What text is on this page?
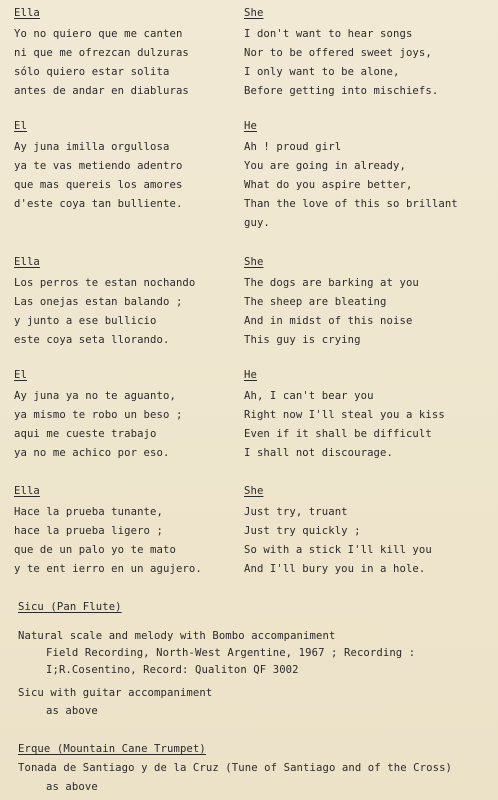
Ella
Yo no quiero que me canten
ni que me ofrezcan dulzuras
sólo quiero estar solita
antes de andar en diabluras
She
I don't want to hear songs
Nor to be offered sweet joys,
I only want to be alone,
Before getting into mischiefs.
El
Ay juna imilla orgullosa
ya te vas metiendo adentro
que mas quereis los amores
d'este coya tan bulliente.
He
Ah ! proud girl
You are going in already,
What do you aspire better,
Than the love of this so brillant
guy.
Ella
Los perros te estan nochando
Las onejas estan balando ;
y junto a ese bullicio
este coya seta llorando.
She
The dogs are barking at you
The sheep are bleating
And in midst of this noise
This guy is crying
El
Ay juna ya no te aguanto,
ya mismo te robo un beso ;
aqui me cueste trabajo
ya no me achico por eso.
He
Ah, I can't bear you
Right now I'll steal you a kiss
Even if it shall be difficult
I shall not discourage.
Ella
Hace la prueba tunante,
hace la prueba ligero ;
que de un palo yo te mato
y te ent ierro en un agujero.
She
Just try, truant
Just try quickly ;
So with a stick I'll kill you
And I'll bury you in a hole.
Sicu (Pan Flute)
Natural scale and melody with Bombo accompaniment
Field Recording, North-West Argentine, 1967 ; Recording :
I;R.Cosentino, Record: Qualiton QF 3002
Sicu with guitar accompaniment
as above
Erque (Mountain Cane Trumpet)
Tonada de Santiago y de la Cruz (Tune of Santiago and of the Cross)
as above
